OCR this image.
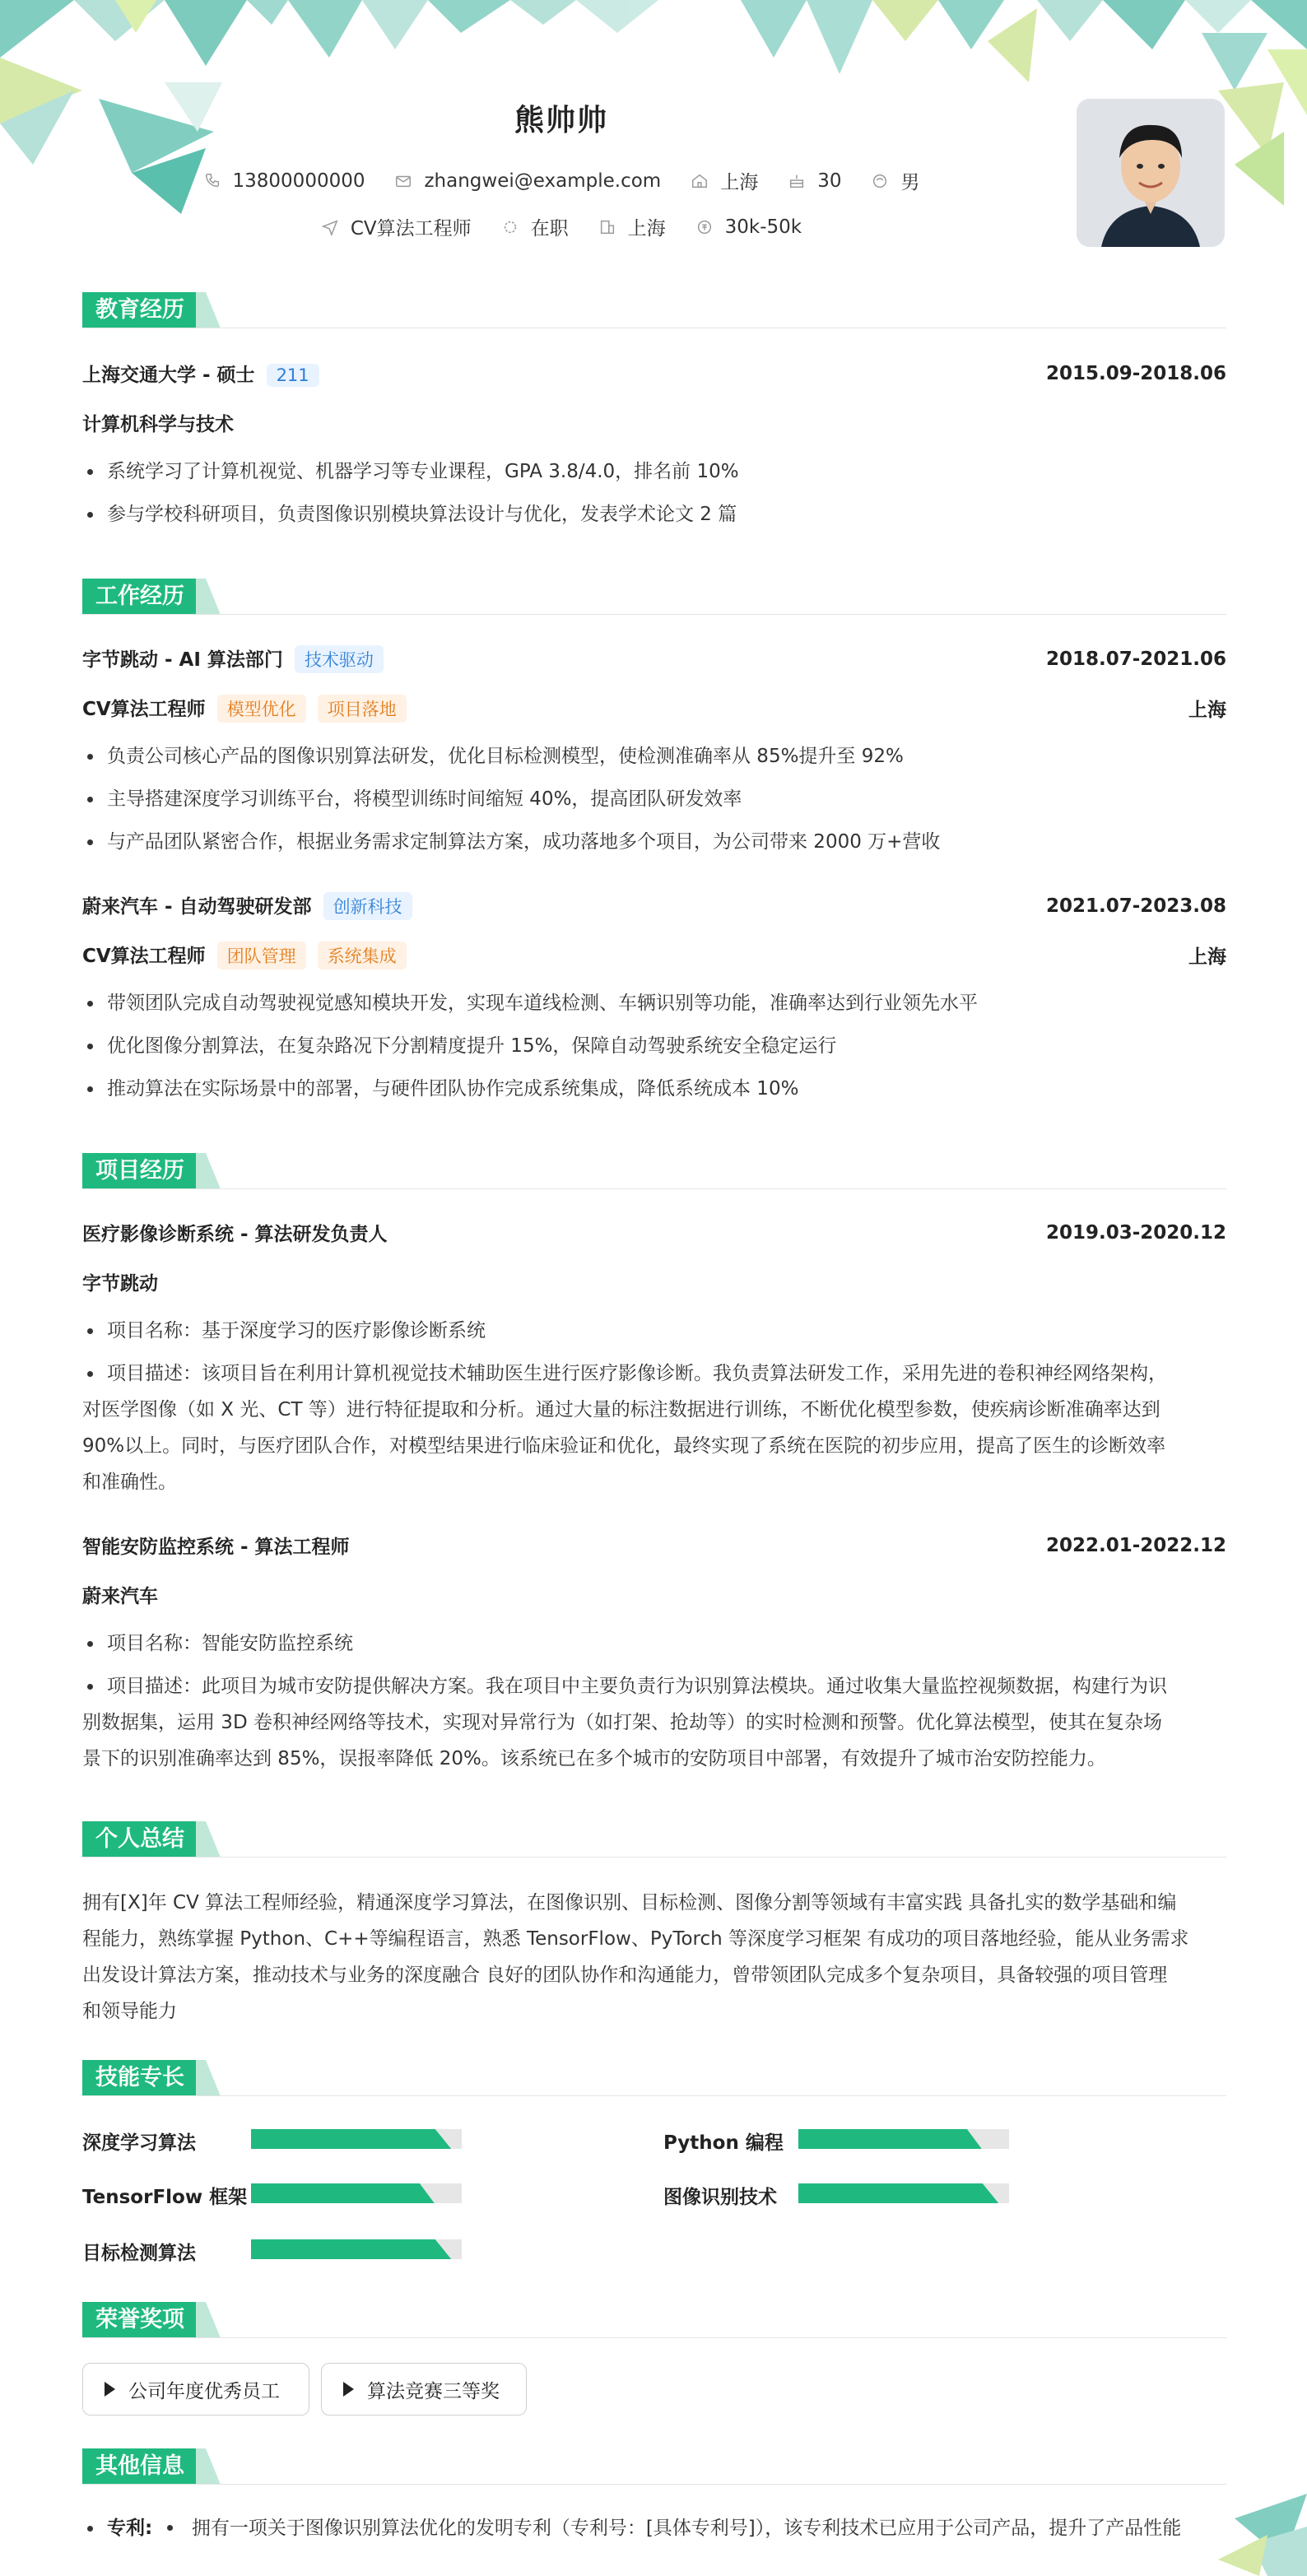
熊帅帅
13800000000	zhangwei@example.com	上海	30	男
CV算法工程师	在职	上海	30k-50k
教育经历
上海交通大学 - 硕士 211	2015.09-2018.06
计算机科学与技术
系统学习了计算机视觉、机器学习等专业课程，GPA 3.8/4.0，排名前 10%
参与学校科研项目，负责图像识别模块算法设计与优化，发表学术论文 2 篇
工作经历
字节跳动 - AI 算法部门 技术驱动	2018.07-2021.06
CV算法工程师 模型优化 项目落地	上海
负责公司核心产品的图像识别算法研发，优化目标检测模型，使检测准确率从 85%提升至 92%
主导搭建深度学习训练平台，将模型训练时间缩短 40%，提高团队研发效率
与产品团队紧密合作，根据业务需求定制算法方案，成功落地多个项目，为公司带来 2000 万+营收
蔚来汽车 - 自动驾驶研发部 创新科技	2021.07-2023.08
CV算法工程师 团队管理 系统集成	上海
带领团队完成自动驾驶视觉感知模块开发，实现车道线检测、车辆识别等功能，准确率达到行业领先水平
优化图像分割算法，在复杂路况下分割精度提升 15%，保障自动驾驶系统安全稳定运行
推动算法在实际场景中的部署，与硬件团队协作完成系统集成，降低系统成本 10%
项目经历
医疗影像诊断系统 - 算法研发负责人	2019.03-2020.12
字节跳动
项目名称：基于深度学习的医疗影像诊断系统
项目描述：该项目旨在利用计算机视觉技术辅助医生进行医疗影像诊断。我负责算法研发工作，采用先进的卷积神经网络架构，
对医学图像（如 X 光、CT 等）进行特征提取和分析。通过大量的标注数据进行训练，不断优化模型参数，使疾病诊断准确率达到
90%以上。同时，与医疗团队合作，对模型结果进行临床验证和优化，最终实现了系统在医院的初步应用，提高了医生的诊断效率
和准确性。
智能安防监控系统 - 算法工程师	2022.01-2022.12
蔚来汽车
项目名称：智能安防监控系统
项目描述：此项目为城市安防提供解决方案。我在项目中主要负责行为识别算法模块。通过收集大量监控视频数据，构建行为识
别数据集，运用 3D 卷积神经网络等技术，实现对异常行为（如打架、抢劫等）的实时检测和预警。优化算法模型，使其在复杂场
景下的识别准确率达到 85%，误报率降低 20%。该系统已在多个城市的安防项目中部署，有效提升了城市治安防控能力。
个人总结
拥有[X]年 CV 算法工程师经验，精通深度学习算法，在图像识别、目标检测、图像分割等领域有丰富实践 具备扎实的数学基础和编
程能力，熟练掌握 Python、C++等编程语言，熟悉 TensorFlow、PyTorch 等深度学习框架 有成功的项目落地经验，能从业务需求
出发设计算法方案，推动技术与业务的深度融合 良好的团队协作和沟通能力，曾带领团队完成多个复杂项目，具备较强的项目管理
和领导能力
技能专长
深度学习算法	Python 编程
TensorFlow 框架	图像识别技术
目标检测算法
荣誉奖项
公司年度优秀员工	算法竞赛三等奖
其他信息
专利: 拥有一项关于图像识别算法优化的发明专利（专利号：[具体专利号]），该专利技术已应用于公司产品，提升了产品性能
